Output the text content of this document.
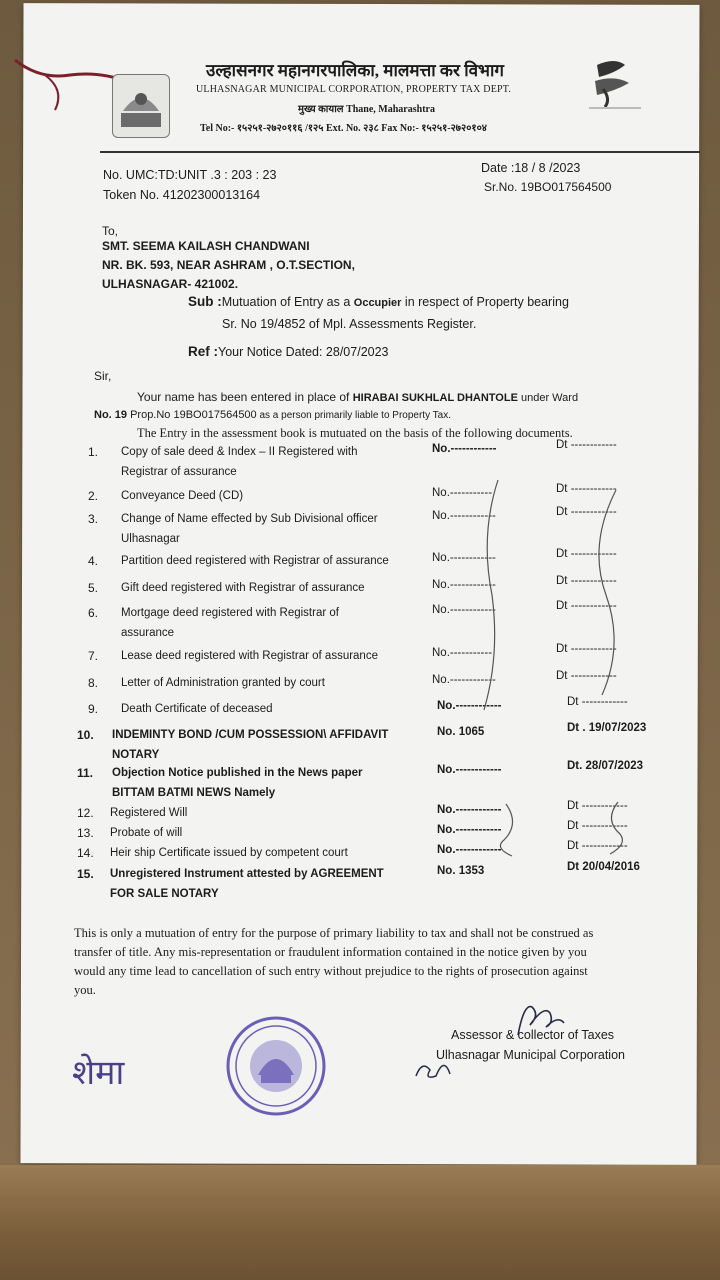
उल्हासनगर महानगरपालिका, मालमत्ता कर विभाग
ULHASNAGAR MUNICIPAL CORPORATION, PROPERTY TAX DEPT.
मुख्य कायाल Thane, Maharashtra
Tel No:- १५२५१-२७२०११६ /१२५ Ext. No. २३८ Fax No:- १५२५१-२७२०१०४
No. UMC:TD:UNIT .3 : 203 : 23
Token No. 41202300013164
Date :18 / 8 /2023
Sr.No. 19BO017564500
To,
SMT. SEEMA KAILASH CHANDWANI
NR. BK. 593, NEAR ASHRAM , O.T.SECTION,
ULHASNAGAR- 421002.
Sub :Mutuation of Entry as a Occupier in respect of Property bearing
Sr. No 19/4852 of Mpl. Assessments Register.
Ref :Your Notice Dated: 28/07/2023
Sir,
Your name has been entered in place of HIRABAI SUKHLAL DHANTOLE under Ward
No. 19 Prop.No 19BO017564500 as a person primarily liable to Property Tax.
The Entry in the assessment book is mutuated on the basis of the following documents.
1. Copy of sale deed & Index – II Registered with
Registrar of assurance
No.------------	Dt ------------
2. Conveyance Deed (CD)	No.-----------	Dt ------------
3. Change of Name effected by Sub Divisional officer
Ulhasnagar
No.------------	Dt ------------
4. Partition deed registered with Registrar of assurance	No.------------	Dt ------------
5. Gift deed registered with Registrar of assurance	No.------------	Dt ------------
6. Mortgage deed registered with Registrar of
assurance
No.------------	Dt ------------
7. Lease deed registered with Registrar of assurance	No.-----------	Dt ------------
8. Letter of Administration granted by court	No.------------	Dt ------------
9. Death Certificate of deceased	No.------------	Dt ------------
10. INDEMINTY BOND /CUM POSSESSION\ AFFIDAVIT
NOTARY
No. 1065	Dt . 19/07/2023
11. Objection Notice published in the News paper
BITTAM BATMI NEWS Namely
No.------------	Dt. 28/07/2023
12. Registered Will	No.------------	Dt ------------
13. Probate of will	No.------------	Dt ------------
14. Heir ship Certificate issued by competent court	No.------------	Dt ------------
15. Unregistered Instrument attested by AGREEMENT
FOR SALE NOTARY
No. 1353	Dt 20/04/2016
This is only a mutuation of entry for the purpose of primary liability to tax and shall not be construed as
transfer of title. Any mis-representation or fraudulent information contained in the notice given by you
would any time lead to cancellation of such entry without prejudice to the rights of prosecution against
you.
Assessor & collector of Taxes
Ulhasnagar Municipal Corporation
शेमा
